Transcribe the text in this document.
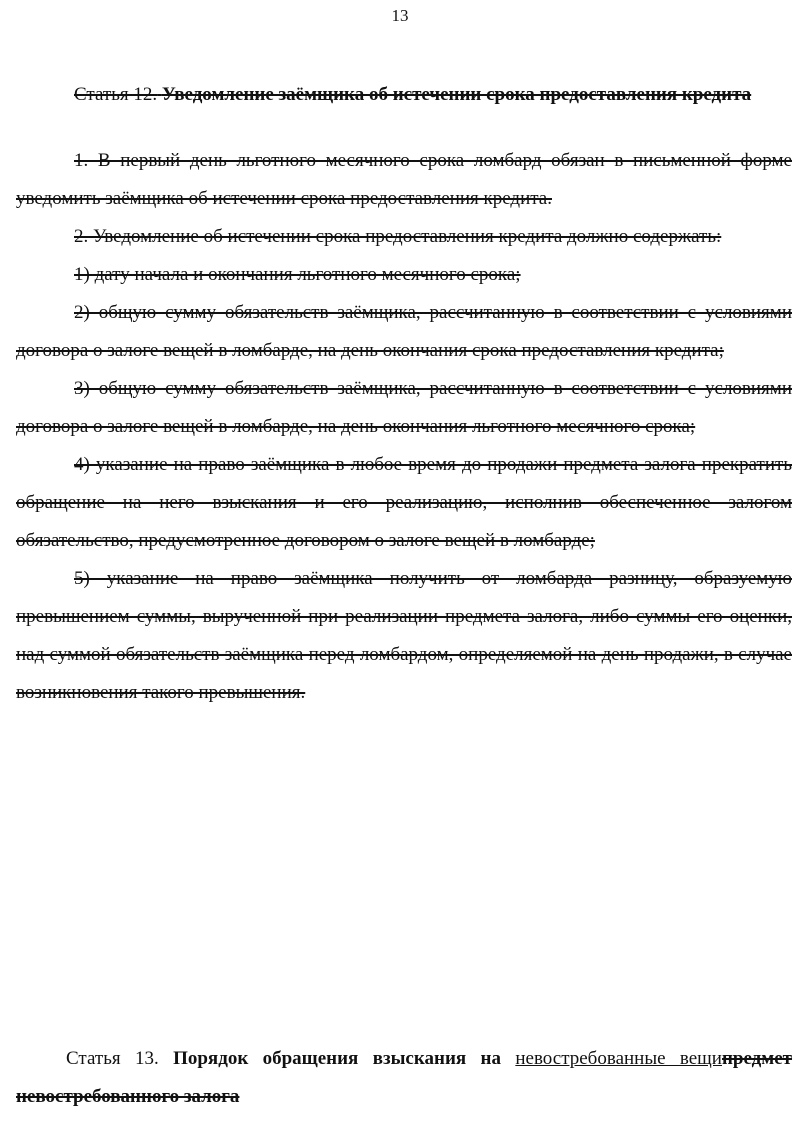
13

Статья 12. Уведомление заёмщика об истечении срока предоставления кредита

1. В первый день льготного месячного срока ломбард обязан в письменной форме уведомить заёмщика об истечении срока предоставления кредита.

2. Уведомление об истечении срока предоставления кредита должно содержать:

1) дату начала и окончания льготного месячного срока;

2) общую сумму обязательств заёмщика, рассчитанную в соответствии с условиями договора о залоге вещей в ломбарде, на день окончания срока предоставления кредита;

3) общую сумму обязательств заёмщика, рассчитанную в соответствии с условиями договора о залоге вещей в ломбарде, на день окончания льготного месячного срока;

4) указание на право заёмщика в любое время до продажи предмета залога прекратить обращение на него взыскания и его реализацию, исполнив обеспеченное залогом обязательство, предусмотренное договором о залоге вещей в ломбарде;

5) указание на право заёмщика получить от ломбарда разницу, образуемую превышением суммы, вырученной при реализации предмета залога, либо суммы его оценки, над суммой обязательств заёмщика перед ломбардом, определяемой на день продажи, в случае возникновения такого превышения.

Статья 13. Порядок обращения взыскания на невостребованные вещипредмет невостребованного залога
